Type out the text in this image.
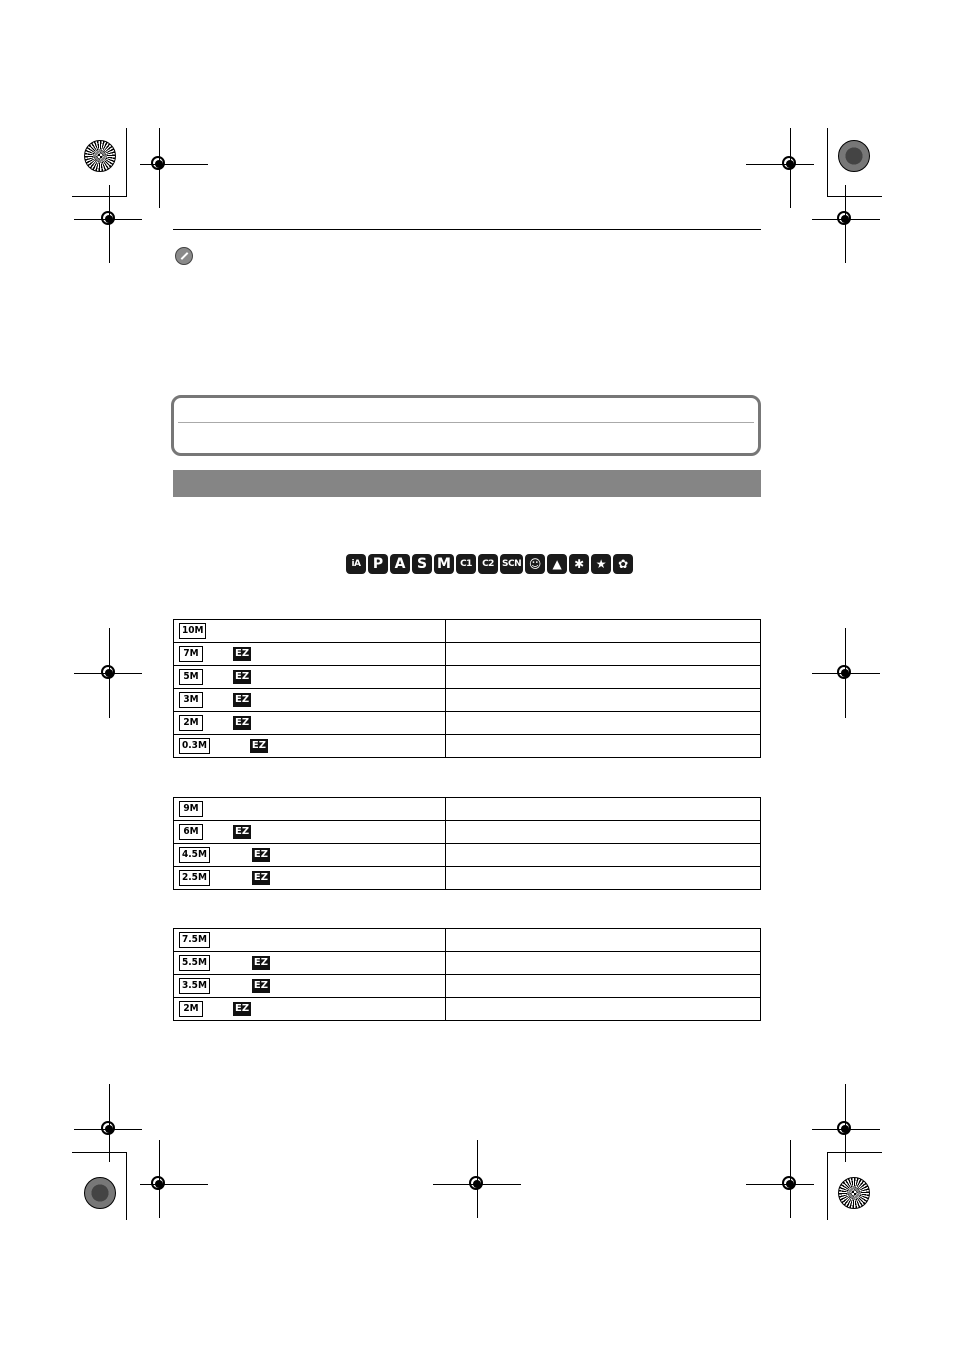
iA P A S M	C1	C2 SCN ☺ ▲	✱ ★ ✿
10M	
7M EZ	
5M EZ	
3M EZ	
2M EZ	
0.3M EZ	
9M	
6M EZ	
4.5M EZ	
2.5M EZ	
7.5M	
5.5M EZ	
3.5M EZ	
2M EZ	
